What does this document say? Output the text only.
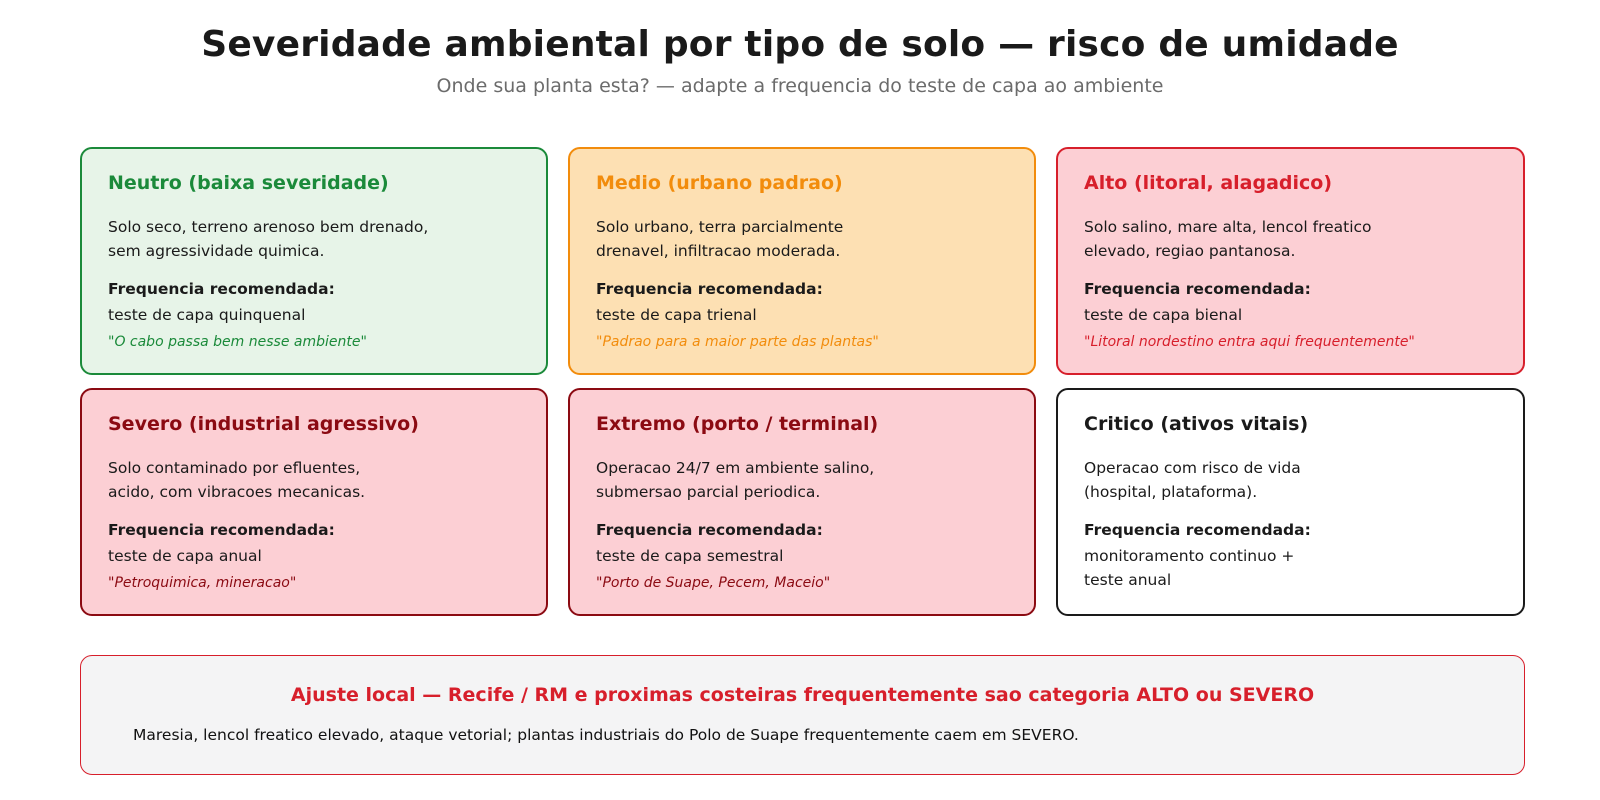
Severidade ambiental por tipo de solo — risco de umidade
Onde sua planta esta? — adapte a frequencia do teste de capa ao ambiente
Neutro (baixa severidade)
Solo seco, terreno arenoso bem drenado,
sem agressividade quimica.
Frequencia recomendada:
teste de capa quinquenal
"O cabo passa bem nesse ambiente"
Medio (urbano padrao)
Solo urbano, terra parcialmente
drenavel, infiltracao moderada.
Frequencia recomendada:
teste de capa trienal
"Padrao para a maior parte das plantas"
Alto (litoral, alagadico)
Solo salino, mare alta, lencol freatico
elevado, regiao pantanosa.
Frequencia recomendada:
teste de capa bienal
"Litoral nordestino entra aqui frequentemente"
Severo (industrial agressivo)
Solo contaminado por efluentes,
acido, com vibracoes mecanicas.
Frequencia recomendada:
teste de capa anual
"Petroquimica, mineracao"
Extremo (porto / terminal)
Operacao 24/7 em ambiente salino,
submersao parcial periodica.
Frequencia recomendada:
teste de capa semestral
"Porto de Suape, Pecem, Maceio"
Critico (ativos vitais)
Operacao com risco de vida
(hospital, plataforma).
Frequencia recomendada:
monitoramento continuo +
teste anual
Ajuste local — Recife / RM e proximas costeiras frequentemente sao categoria ALTO ou SEVERO
Maresia, lencol freatico elevado, ataque vetorial; plantas industriais do Polo de Suape frequentemente caem em SEVERO.
